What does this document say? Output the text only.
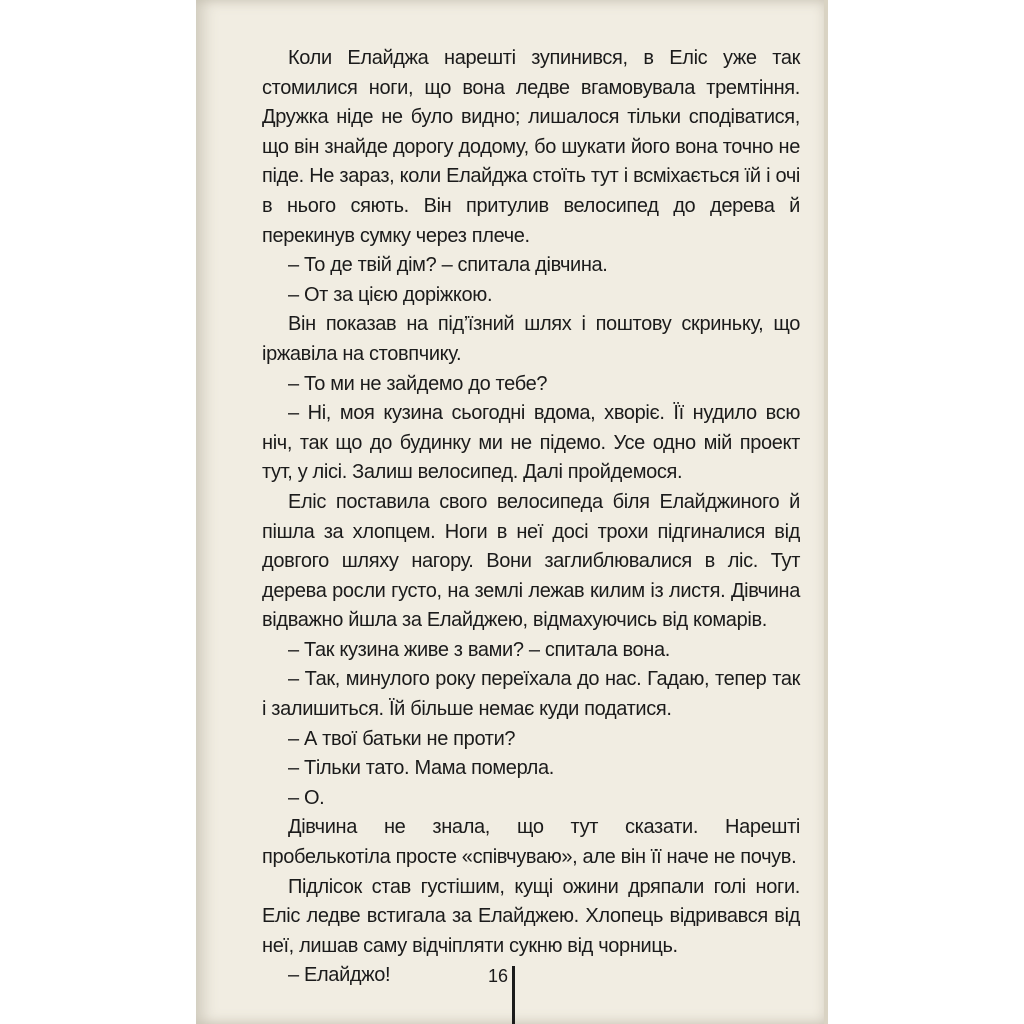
Коли Елайджа нарешті зупинився, в Еліс уже так стомилися ноги, що вона ледве вгамовувала тремтіння. Дружка ніде не було видно; лишалося тільки сподіватися, що він знайде дорогу додому, бо шукати його вона точно не піде. Не зараз, коли Елайджа стоїть тут і всміхається їй і очі в нього сяють. Він притулив велосипед до дерева й перекинув сумку через плече.

– То де твій дім? – спитала дівчина.

– От за цією доріжкою.

Він показав на під’їзний шлях і поштову скриньку, що іржавіла на стовпчику.

– То ми не зайдемо до тебе?

– Ні, моя кузина сьогодні вдома, хворіє. Її нудило всю ніч, так що до будинку ми не підемо. Усе одно мій проект тут, у лісі. Залиш велосипед. Далі пройдемося.

Еліс поставила свого велосипеда біля Елайджиного й пішла за хлопцем. Ноги в неї досі трохи підгиналися від довгого шляху нагору. Вони заглиблювалися в ліс. Тут дерева росли густо, на землі лежав килим із листя. Дівчина відважно йшла за Елайджею, відмахуючись від комарів.

– Так кузина живе з вами? – спитала вона.

– Так, минулого року переїхала до нас. Гадаю, тепер так і залишиться. Їй більше немає куди податися.

– А твої батьки не проти?

– Тільки тато. Мама померла.

– О.

Дівчина не знала, що тут сказати. Нарешті пробелькотіла просте «співчуваю», але він її наче не почув.

Підлісок став густішим, кущі ожини дряпали голі ноги. Еліс ледве встигала за Елайджею. Хлопець відривався від неї, лишав саму відчіпляти сукню від чорниць.

– Елайджо!	16
